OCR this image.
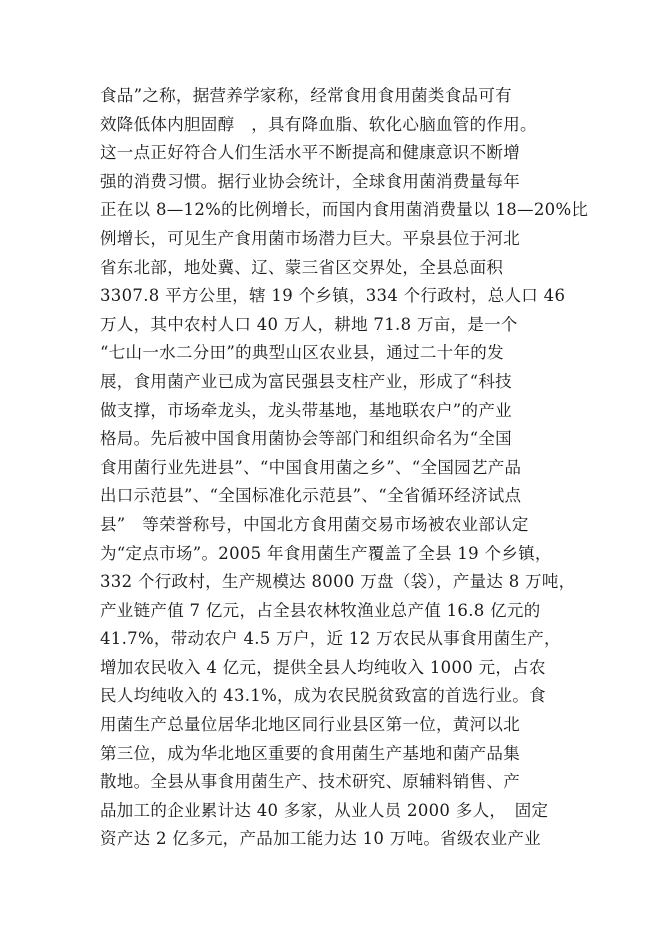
食品”之称，据营养学家称，经常食用食用菌类食品可有
效降低体内胆固醇　，具有降血脂、软化心脑血管的作用。
这一点正好符合人们生活水平不断提高和健康意识不断增
强的消费习惯。据行业协会统计，全球食用菌消费量每年
正在以 8—12%的比例增长，而国内食用菌消费量以 18—20%比
例增长，可见生产食用菌市场潜力巨大。平泉县位于河北
省东北部，地处冀、辽、蒙三省区交界处，全县总面积
3307.8 平方公里，辖 19 个乡镇，334 个行政村，总人口 46
万人，其中农村人口 40 万人，耕地 71.8 万亩，是一个
“七山一水二分田”的典型山区农业县，通过二十年的发
展，食用菌产业已成为富民强县支柱产业，形成了“科技
做支撑，市场牵龙头，龙头带基地，基地联农户”的产业
格局。先后被中国食用菌协会等部门和组织命名为“全国
食用菌行业先进县”、“中国食用菌之乡”、“全国园艺产品
出口示范县”、“全国标准化示范县”、“全省循环经济试点
县”　等荣誉称号，中国北方食用菌交易市场被农业部认定
为“定点市场”。2005 年食用菌生产覆盖了全县 19 个乡镇，
332 个行政村，生产规模达 8000 万盘（袋），产量达 8 万吨，
产业链产值 7 亿元，占全县农林牧渔业总产值 16.8 亿元的
41.7%，带动农户 4.5 万户，近 12 万农民从事食用菌生产，
增加农民收入 4 亿元，提供全县人均纯收入 1000 元，占农
民人均纯收入的 43.1%，成为农民脱贫致富的首选行业。食
用菌生产总量位居华北地区同行业县区第一位，黄河以北
第三位，成为华北地区重要的食用菌生产基地和菌产品集
散地。全县从事食用菌生产、技术研究、原辅料销售、产
品加工的企业累计达 40 多家，从业人员 2000 多人，　固定
资产达 2 亿多元，产品加工能力达 10 万吨。省级农业产业
